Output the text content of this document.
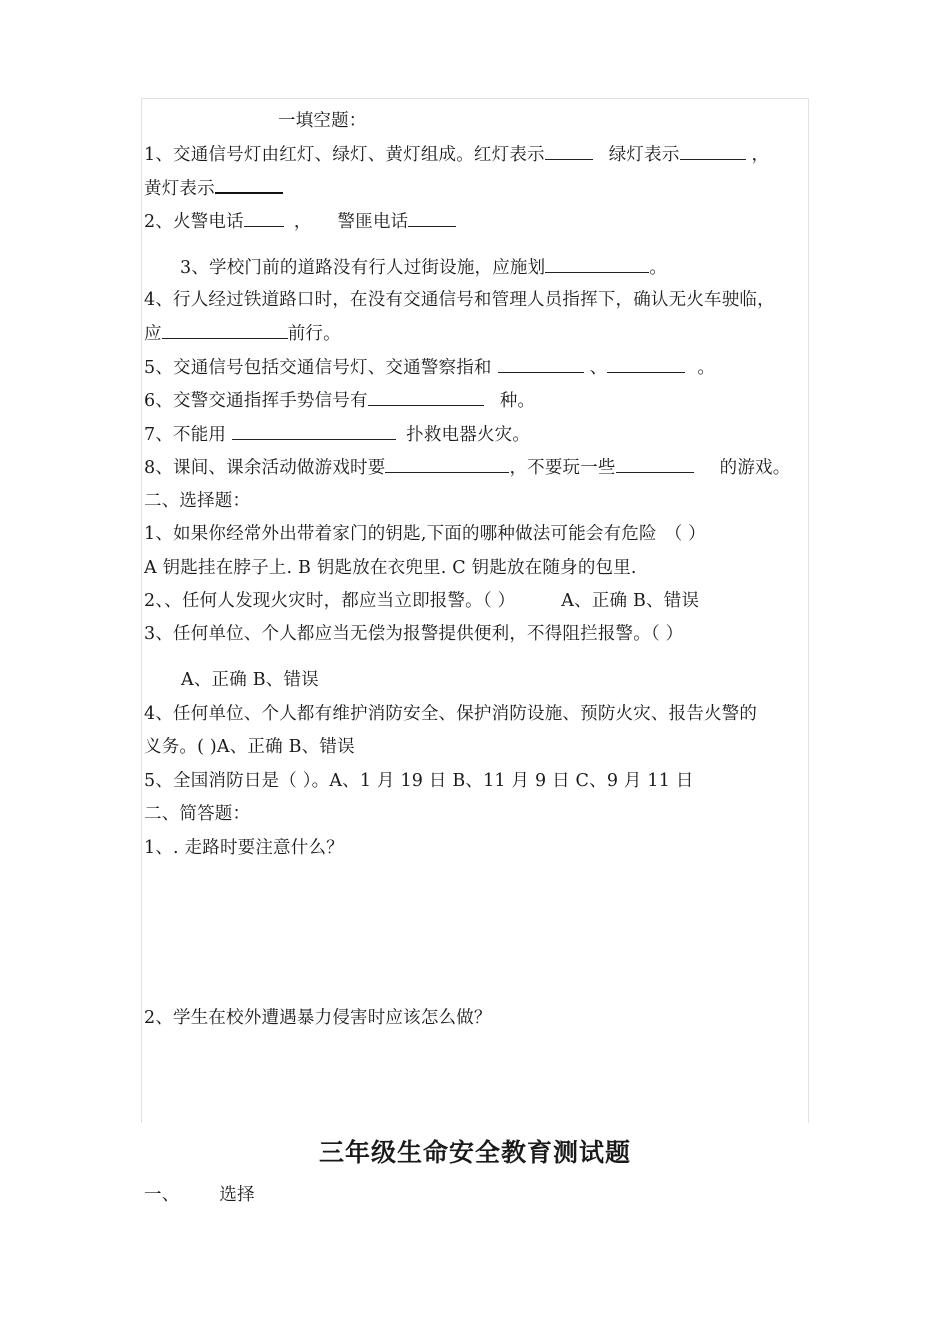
一填空题：
1、交通信号灯由红灯、绿灯、黄灯组成。红灯表示	绿灯表示	，
黄灯表示
2、火警电话	， 警匪电话
3、学校门前的道路没有行人过街设施，应施划	。
4、行人经过铁道路口时，在没有交通信号和管理人员指挥下，确认无火车驶临，
应	前行。
5、交通信号包括交通信号灯、交通警察指和	、	。
6、交警交通指挥手势信号有	种。
7、不能用	扑救电器火灾。
8、课间、课余活动做游戏时要	，不要玩一些	的游戏。
二、选择题：
1、如果你经常外出带着家门的钥匙,下面的哪种做法可能会有危险 （ ）
A 钥匙挂在脖子上. B 钥匙放在衣兜里. C 钥匙放在随身的包里.
2、、任何人发现火灾时，都应当立即报警。（ ）	A、正确 B、错误
3、任何单位、个人都应当无偿为报警提供便利，不得阻拦报警。（ ）
A、正确 B、错误
4、任何单位、个人都有维护消防安全、保护消防设施、预防火灾、报告火警的
义务。( )A、正确 B、错误
5、全国消防日是（ ）。A、1 月 19 日 B、11 月 9 日 C、9 月 11 日
二、简答题：
1、. 走路时要注意什么？
2、学生在校外遭遇暴力侵害时应该怎么做？
三年级生命安全教育测试题
一、 选择
